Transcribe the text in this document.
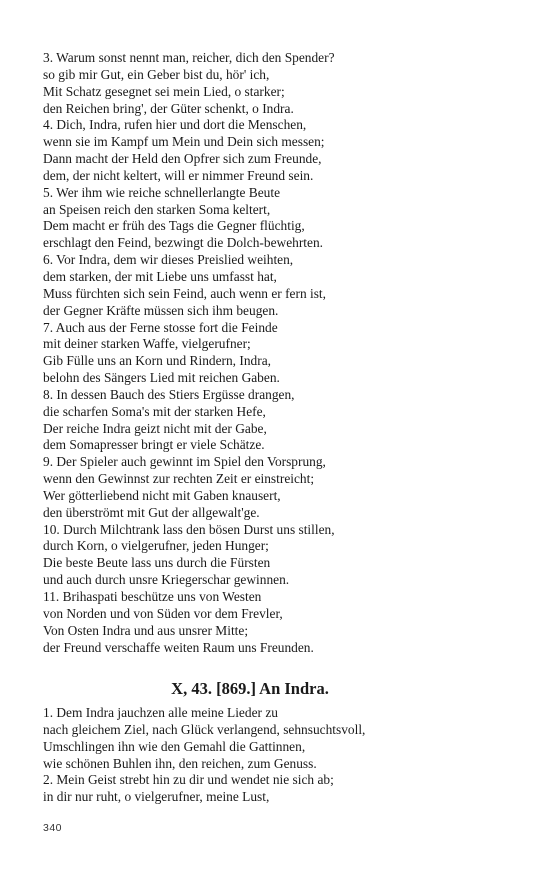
3. Warum sonst nennt man, reicher, dich den Spender?
so gib mir Gut, ein Geber bist du, hör' ich,
Mit Schatz gesegnet sei mein Lied, o starker;
den Reichen bring', der Güter schenkt, o Indra.
4. Dich, Indra, rufen hier und dort die Menschen,
wenn sie im Kampf um Mein und Dein sich messen;
Dann macht der Held den Opfrer sich zum Freunde,
dem, der nicht keltert, will er nimmer Freund sein.
5. Wer ihm wie reiche schnellerlangte Beute
an Speisen reich den starken Soma keltert,
Dem macht er früh des Tags die Gegner flüchtig,
erschlagt den Feind, bezwingt die Dolch-bewehrten.
6. Vor Indra, dem wir dieses Preislied weihten,
dem starken, der mit Liebe uns umfasst hat,
Muss fürchten sich sein Feind, auch wenn er fern ist,
der Gegner Kräfte müssen sich ihm beugen.
7. Auch aus der Ferne stosse fort die Feinde
mit deiner starken Waffe, vielgerufner;
Gib Fülle uns an Korn und Rindern, Indra,
belohn des Sängers Lied mit reichen Gaben.
8. In dessen Bauch des Stiers Ergüsse drangen,
die scharfen Soma's mit der starken Hefe,
Der reiche Indra geizt nicht mit der Gabe,
dem Somapresser bringt er viele Schätze.
9. Der Spieler auch gewinnt im Spiel den Vorsprung,
wenn den Gewinnst zur rechten Zeit er einstreicht;
Wer götterliebend nicht mit Gaben knausert,
den überströmt mit Gut der allgewalt'ge.
10. Durch Milchtrank lass den bösen Durst uns stillen,
durch Korn, o vielgerufner, jeden Hunger;
Die beste Beute lass uns durch die Fürsten
und auch durch unsre Kriegerschar gewinnen.
11. Brihaspati beschütze uns von Westen
von Norden und von Süden vor dem Frevler,
Von Osten Indra und aus unsrer Mitte;
der Freund verschaffe weiten Raum uns Freunden.
X, 43. [869.] An Indra.
1. Dem Indra jauchzen alle meine Lieder zu
nach gleichem Ziel, nach Glück verlangend, sehnsuchtsvoll,
Umschlingen ihn wie den Gemahl die Gattinnen,
wie schönen Buhlen ihn, den reichen, zum Genuss.
2. Mein Geist strebt hin zu dir und wendet nie sich ab;
in dir nur ruht, o vielgerufner, meine Lust,
340
